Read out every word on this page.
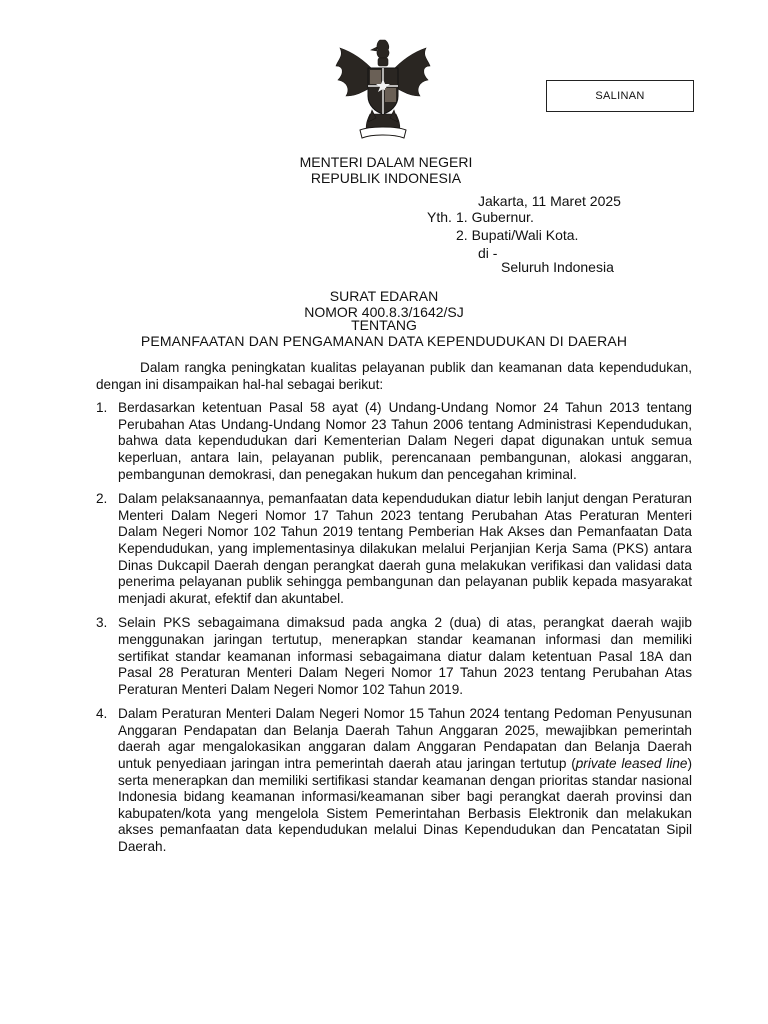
SALINAN
MENTERI DALAM NEGERI
REPUBLIK INDONESIA
Jakarta, 11 Maret 2025
Yth. 1. Gubernur.
2. Bupati/Wali Kota.
di -
Seluruh Indonesia
SURAT EDARAN
NOMOR 400.8.3/1642/SJ
TENTANG
PEMANFAATAN DAN PENGAMANAN DATA KEPENDUDUKAN DI DAERAH

Dalam rangka peningkatan kualitas pelayanan publik dan keamanan data kependudukan, dengan ini disampaikan hal-hal sebagai berikut:

1. Berdasarkan ketentuan Pasal 58 ayat (4) Undang-Undang Nomor 24 Tahun 2013 tentang Perubahan Atas Undang-Undang Nomor 23 Tahun 2006 tentang Administrasi Kependudukan, bahwa data kependudukan dari Kementerian Dalam Negeri dapat digunakan untuk semua keperluan, antara lain, pelayanan publik, perencanaan pembangunan, alokasi anggaran, pembangunan demokrasi, dan penegakan hukum dan pencegahan kriminal.
2. Dalam pelaksanaannya, pemanfaatan data kependudukan diatur lebih lanjut dengan Peraturan Menteri Dalam Negeri Nomor 17 Tahun 2023 tentang Perubahan Atas Peraturan Menteri Dalam Negeri Nomor 102 Tahun 2019 tentang Pemberian Hak Akses dan Pemanfaatan Data Kependudukan, yang implementasinya dilakukan melalui Perjanjian Kerja Sama (PKS) antara Dinas Dukcapil Daerah dengan perangkat daerah guna melakukan verifikasi dan validasi data penerima pelayanan publik sehingga pembangunan dan pelayanan publik kepada masyarakat menjadi akurat, efektif dan akuntabel.
3. Selain PKS sebagaimana dimaksud pada angka 2 (dua) di atas, perangkat daerah wajib menggunakan jaringan tertutup, menerapkan standar keamanan informasi dan memiliki sertifikat standar keamanan informasi sebagaimana diatur dalam ketentuan Pasal 18A dan Pasal 28 Peraturan Menteri Dalam Negeri Nomor 17 Tahun 2023 tentang Perubahan Atas Peraturan Menteri Dalam Negeri Nomor 102 Tahun 2019.
4. Dalam Peraturan Menteri Dalam Negeri Nomor 15 Tahun 2024 tentang Pedoman Penyusunan Anggaran Pendapatan dan Belanja Daerah Tahun Anggaran 2025, mewajibkan pemerintah daerah agar mengalokasikan anggaran dalam Anggaran Pendapatan dan Belanja Daerah untuk penyediaan jaringan intra pemerintah daerah atau jaringan tertutup (private leased line) serta menerapkan dan memiliki sertifikasi standar keamanan dengan prioritas standar nasional Indonesia bidang keamanan informasi/keamanan siber bagi perangkat daerah provinsi dan kabupaten/kota yang mengelola Sistem Pemerintahan Berbasis Elektronik dan melakukan akses pemanfaatan data kependudukan melalui Dinas Kependudukan dan Pencatatan Sipil Daerah.
